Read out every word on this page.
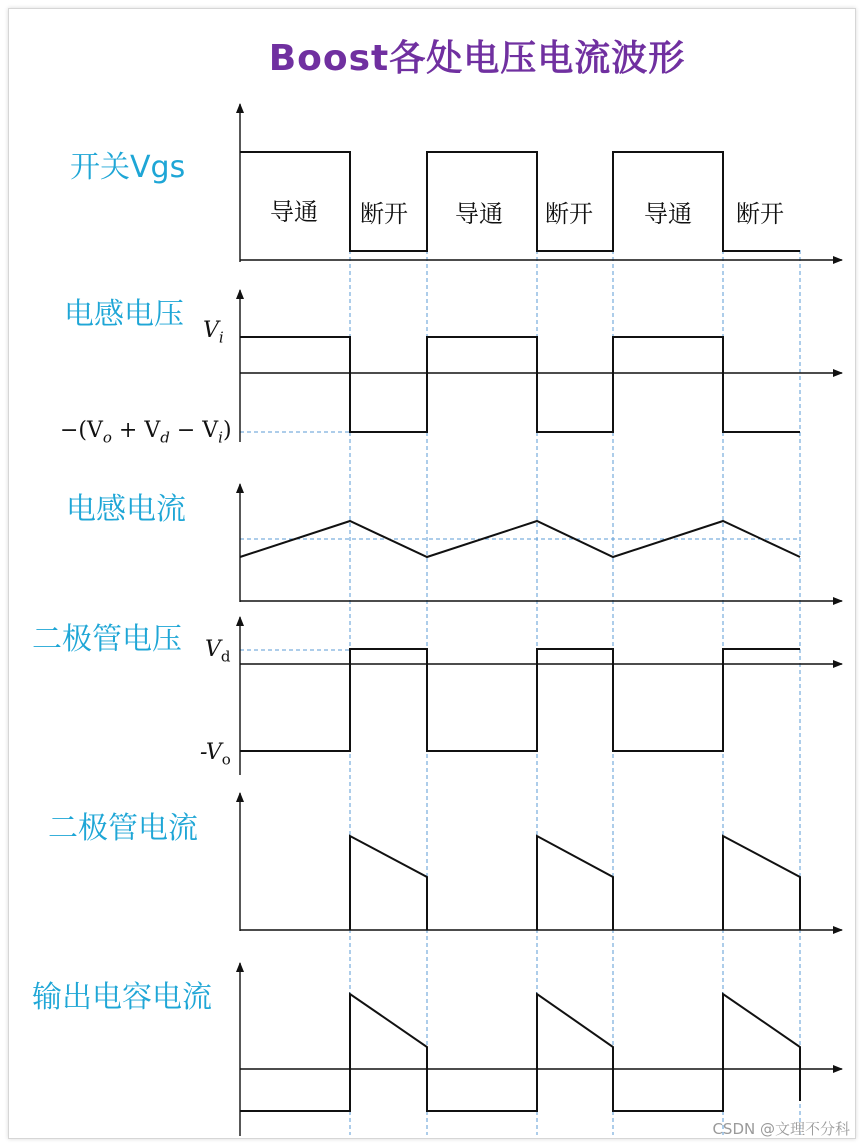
Boost各处电压电流波形
开关Vgs
电感电压
电感电流
二极管电压
二极管电流
输出电容电流
$V_i$
$-(V_o + V_d - V_i)$
$V_d$
$-V_o$
导通 断开 导通 断开 导通 断开
CSDN @文理不分科
